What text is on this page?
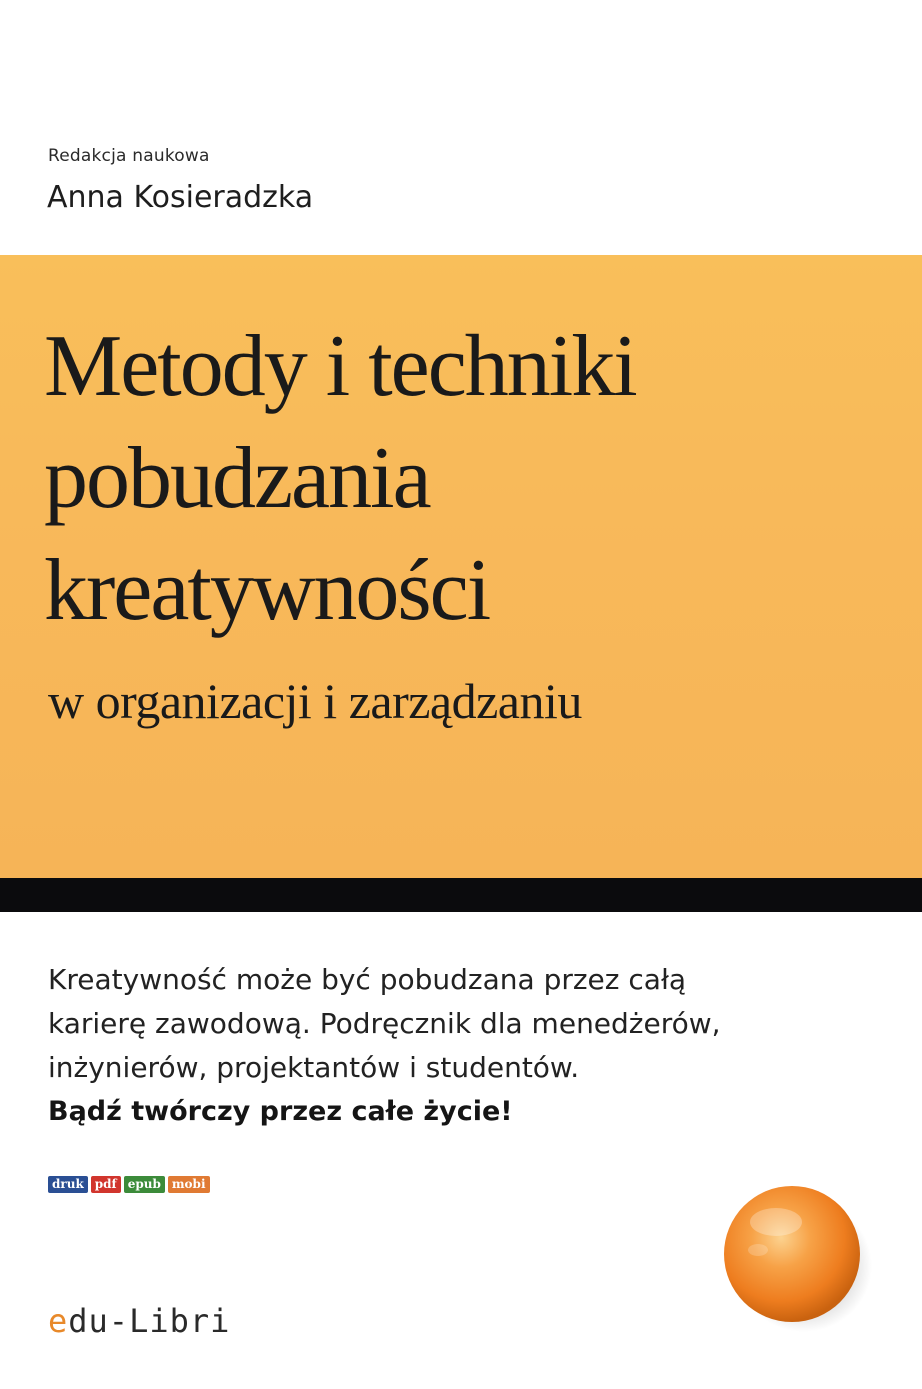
Redakcja naukowa
Anna Kosieradzka
Metody i techniki
pobudzania
kreatywności
w organizacji i zarządzaniu
Kreatywność może być pobudzana przez całą
karierę zawodową. Podręcznik dla menedżerów,
inżynierów, projektantów i studentów.
Bądź twórczy przez całe życie!
druk pdf epub mobi
edu-Libri
